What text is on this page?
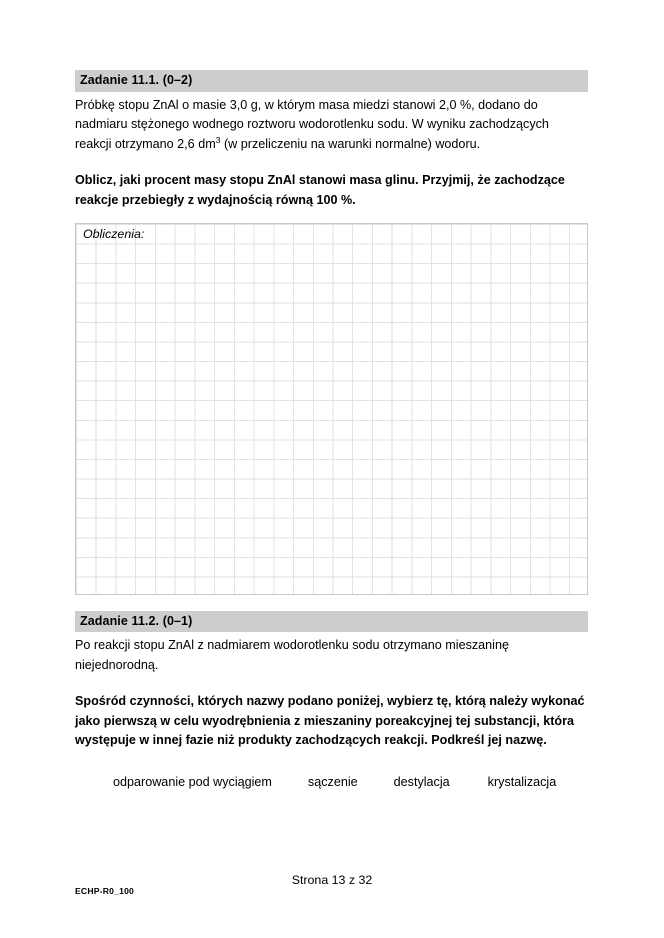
Zadanie 11.1. (0–2)

Próbkę stopu ZnAl o masie 3,0 g, w którym masa miedzi stanowi 2,0 %, dodano do nadmiaru stężonego wodnego roztworu wodorotlenku sodu. W wyniku zachodzących reakcji otrzymano 2,6 $dm^3$ (w przeliczeniu na warunki normalne) wodoru.

Oblicz, jaki procent masy stopu ZnAl stanowi masa glinu. Przyjmij, że zachodzące reakcje przebiegły z wydajnością równą 100 %.

Obliczenia:
Zadanie 11.2. (0–1)

Po reakcji stopu ZnAl z nadmiarem wodorotlenku sodu otrzymano mieszaninę niejednorodną.

Spośród czynności, których nazwy podano poniżej, wybierz tę, którą należy wykonać jako pierwszą w celu wyodrębnienia z mieszaniny poreakcyjnej tej substancji, która występuje w innej fazie niż produkty zachodzących reakcji. Podkreśl jej nazwę.

odparowanie pod wyciągiem	sączenie	destylacja	krystalizacja
ECHP-R0_100
Strona 13 z 32
